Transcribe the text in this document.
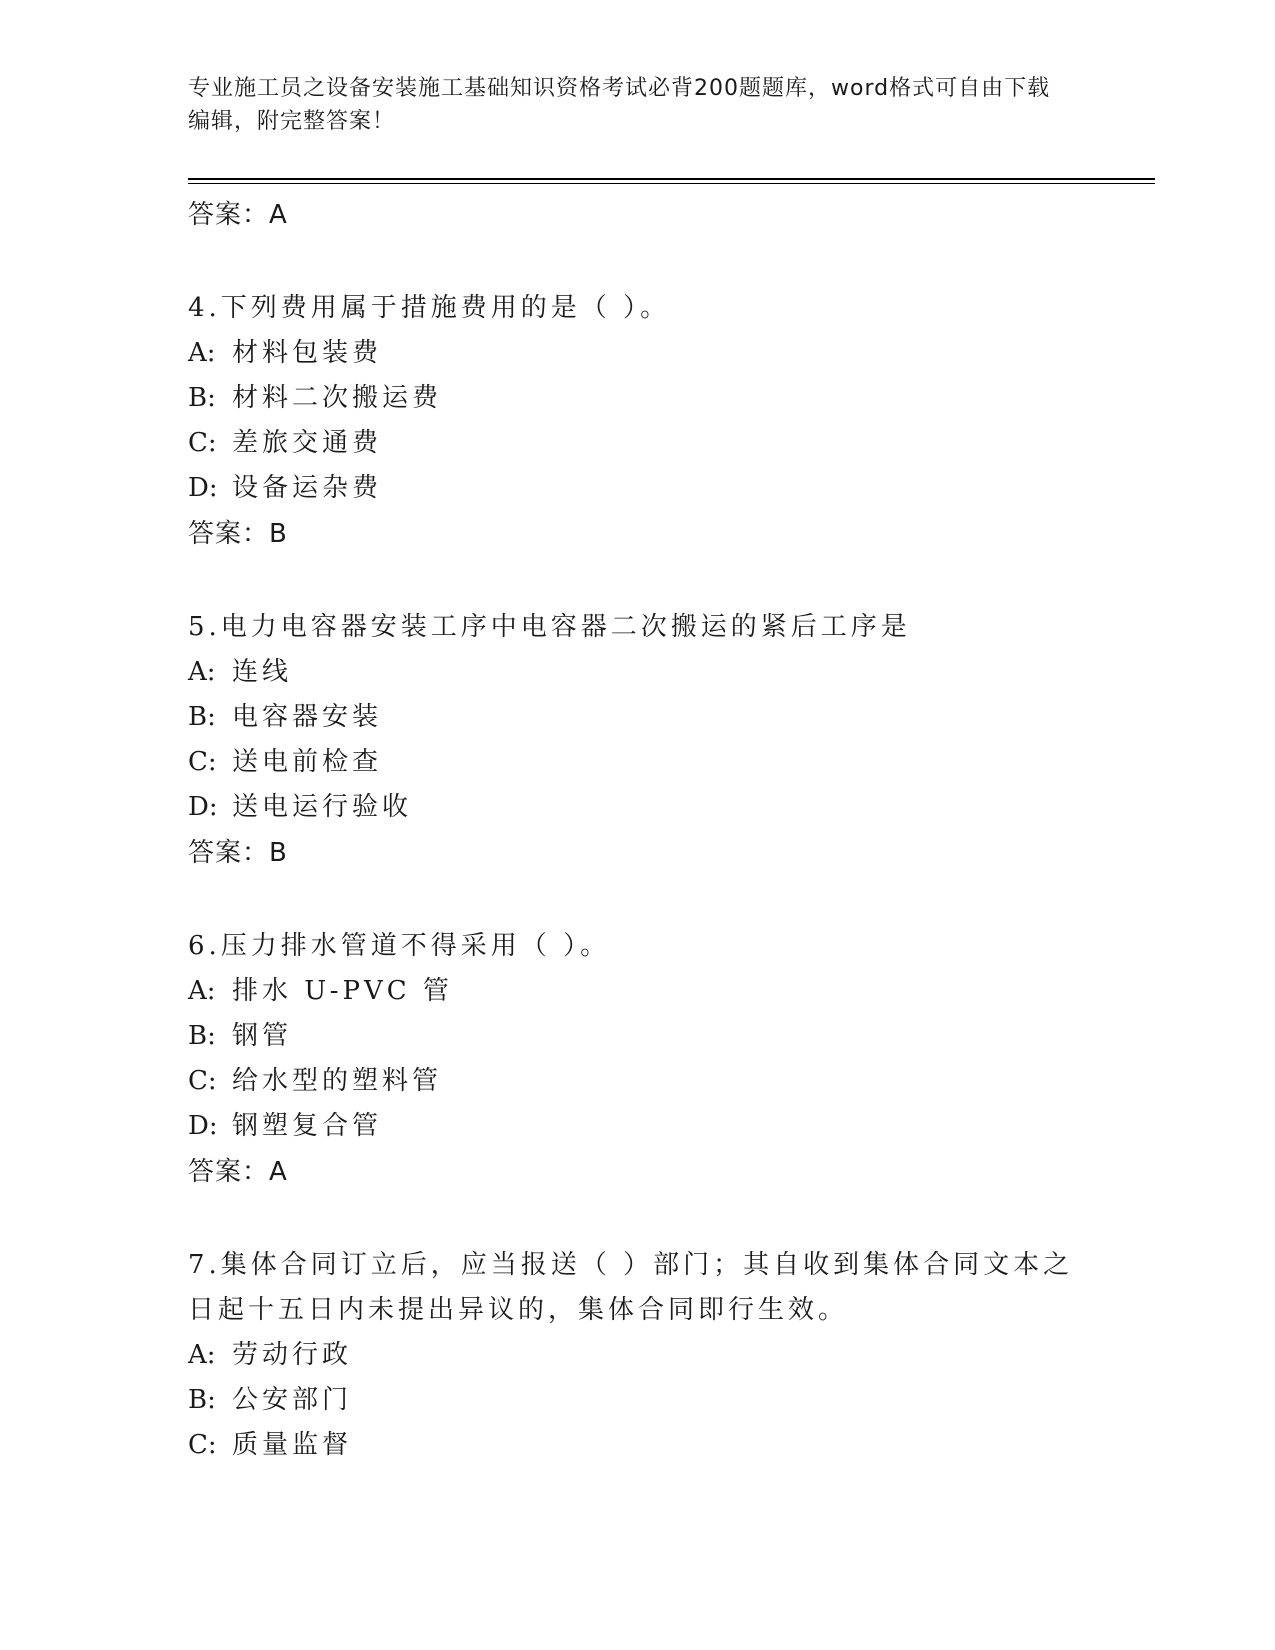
专业施工员之设备安装施工基础知识资格考试必背200题题库，word格式可自由下载编辑，附完整答案！
答案：A
4.下列费用属于措施费用的是（ ）。
A: 材料包装费
B: 材料二次搬运费
C: 差旅交通费
D: 设备运杂费
答案：B
5.电力电容器安装工序中电容器二次搬运的紧后工序是
A: 连线
B: 电容器安装
C: 送电前检查
D: 送电运行验收
答案：B
6.压力排水管道不得采用（ ）。
A: 排水 U-PVC 管
B: 钢管
C: 给水型的塑料管
D: 钢塑复合管
答案：A
7.集体合同订立后，应当报送（ ）部门；其自收到集体合同文本之日起十五日内未提出异议的，集体合同即行生效。
A: 劳动行政
B: 公安部门
C: 质量监督
